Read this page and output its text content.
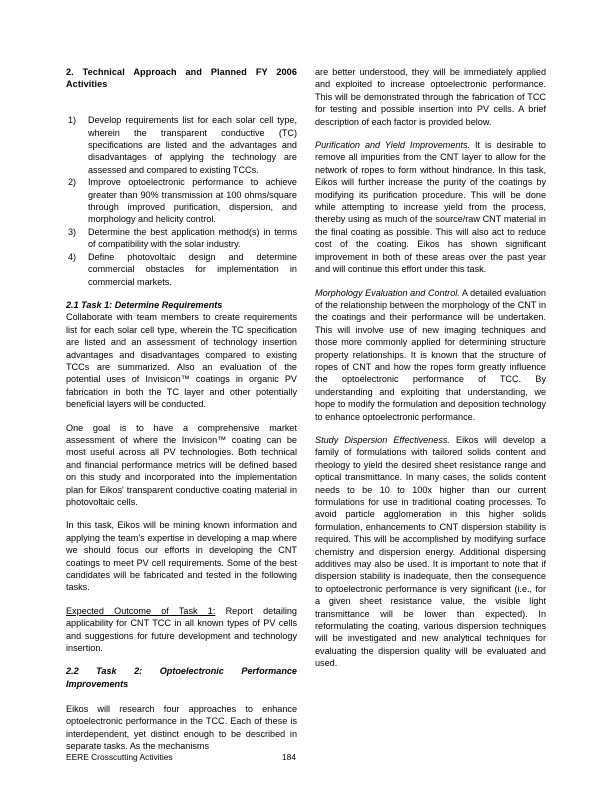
2. Technical Approach and Planned FY 2006 Activities
1) Develop requirements list for each solar cell type, wherein the transparent conductive (TC) specifications are listed and the advantages and disadvantages of applying the technology are assessed and compared to existing TCCs.
2) Improve optoelectronic performance to achieve greater than 90% transmission at 100 ohms/square through improved purification, dispersion, and morphology and helicity control.
3) Determine the best application method(s) in terms of compatibility with the solar industry.
4) Define photovoltaic design and determine commercial obstacles for implementation in commercial markets.
2.1 Task 1: Determine Requirements

Collaborate with team members to create requirements list for each solar cell type, wherein the TC specification are listed and an assessment of technology insertion advantages and disadvantages compared to existing TCCs are summarized. Also an evaluation of the potential uses of Invisicon™ coatings in organic PV fabrication in both the TC layer and other potentially beneficial layers will be conducted.

One goal is to have a comprehensive market assessment of where the Invisicon™ coating can be most useful across all PV technologies. Both technical and financial performance metrics will be defined based on this study and incorporated into the implementation plan for Eikos' transparent conductive coating material in photovoltaic cells.

In this task, Eikos will be mining known information and applying the team's expertise in developing a map where we should focus our efforts in developing the CNT coatings to meet PV cell requirements. Some of the best candidates will be fabricated and tested in the following tasks.

Expected Outcome of Task 1: Report detailing applicability for CNT TCC in all known types of PV cells and suggestions for future development and technology insertion.

2.2 Task 2: Optoelectronic Performance Improvements

Eikos will research four approaches to enhance optoelectronic performance in the TCC. Each of these is interdependent, yet distinct enough to be described in separate tasks. As the mechanisms

are better understood, they will be immediately applied and exploited to increase optoelectronic performance. This will be demonstrated through the fabrication of TCC for testing and possible insertion into PV cells. A brief description of each factor is provided below.

Purification and Yield Improvements. It is desirable to remove all impurities from the CNT layer to allow for the network of ropes to form without hindrance. In this task, Eikos will further increase the purity of the coatings by modifying its purification procedure. This will be done while attempting to increase yield from the process, thereby using as much of the source/raw CNT material in the final coating as possible. This will also act to reduce cost of the coating. Eikos has shown significant improvement in both of these areas over the past year and will continue this effort under this task.

Morphology Evaluation and Control. A detailed evaluation of the relationship between the morphology of the CNT in the coatings and their performance will be undertaken. This will involve use of new imaging techniques and those more commonly applied for determining structure property relationships. It is known that the structure of ropes of CNT and how the ropes form greatly influence the optoelectronic performance of TCC. By understanding and exploiting that understanding, we hope to modify the formulation and deposition technology to enhance optoelectronic performance.

Study Dispersion Effectiveness. Eikos will develop a family of formulations with tailored solids content and rheology to yield the desired sheet resistance range and optical transmittance. In many cases, the solids content needs to be 10 to 100x higher than our current formulations for use in traditional coating processes. To avoid particle agglomeration in this higher solids formulation, enhancements to CNT dispersion stability is required. This will be accomplished by modifying surface chemistry and dispersion energy. Additional dispersing additives may also be used. It is important to note that if dispersion stability is inadequate, then the consequence to optoelectronic performance is very significant (i.e., for a given sheet resistance value, the visible light transmittance will be lower than expected). In reformulating the coating, various dispersion techniques will be investigated and new analytical techniques for evaluating the dispersion quality will be evaluated and used.

EERE Crosscutting Activities	184
